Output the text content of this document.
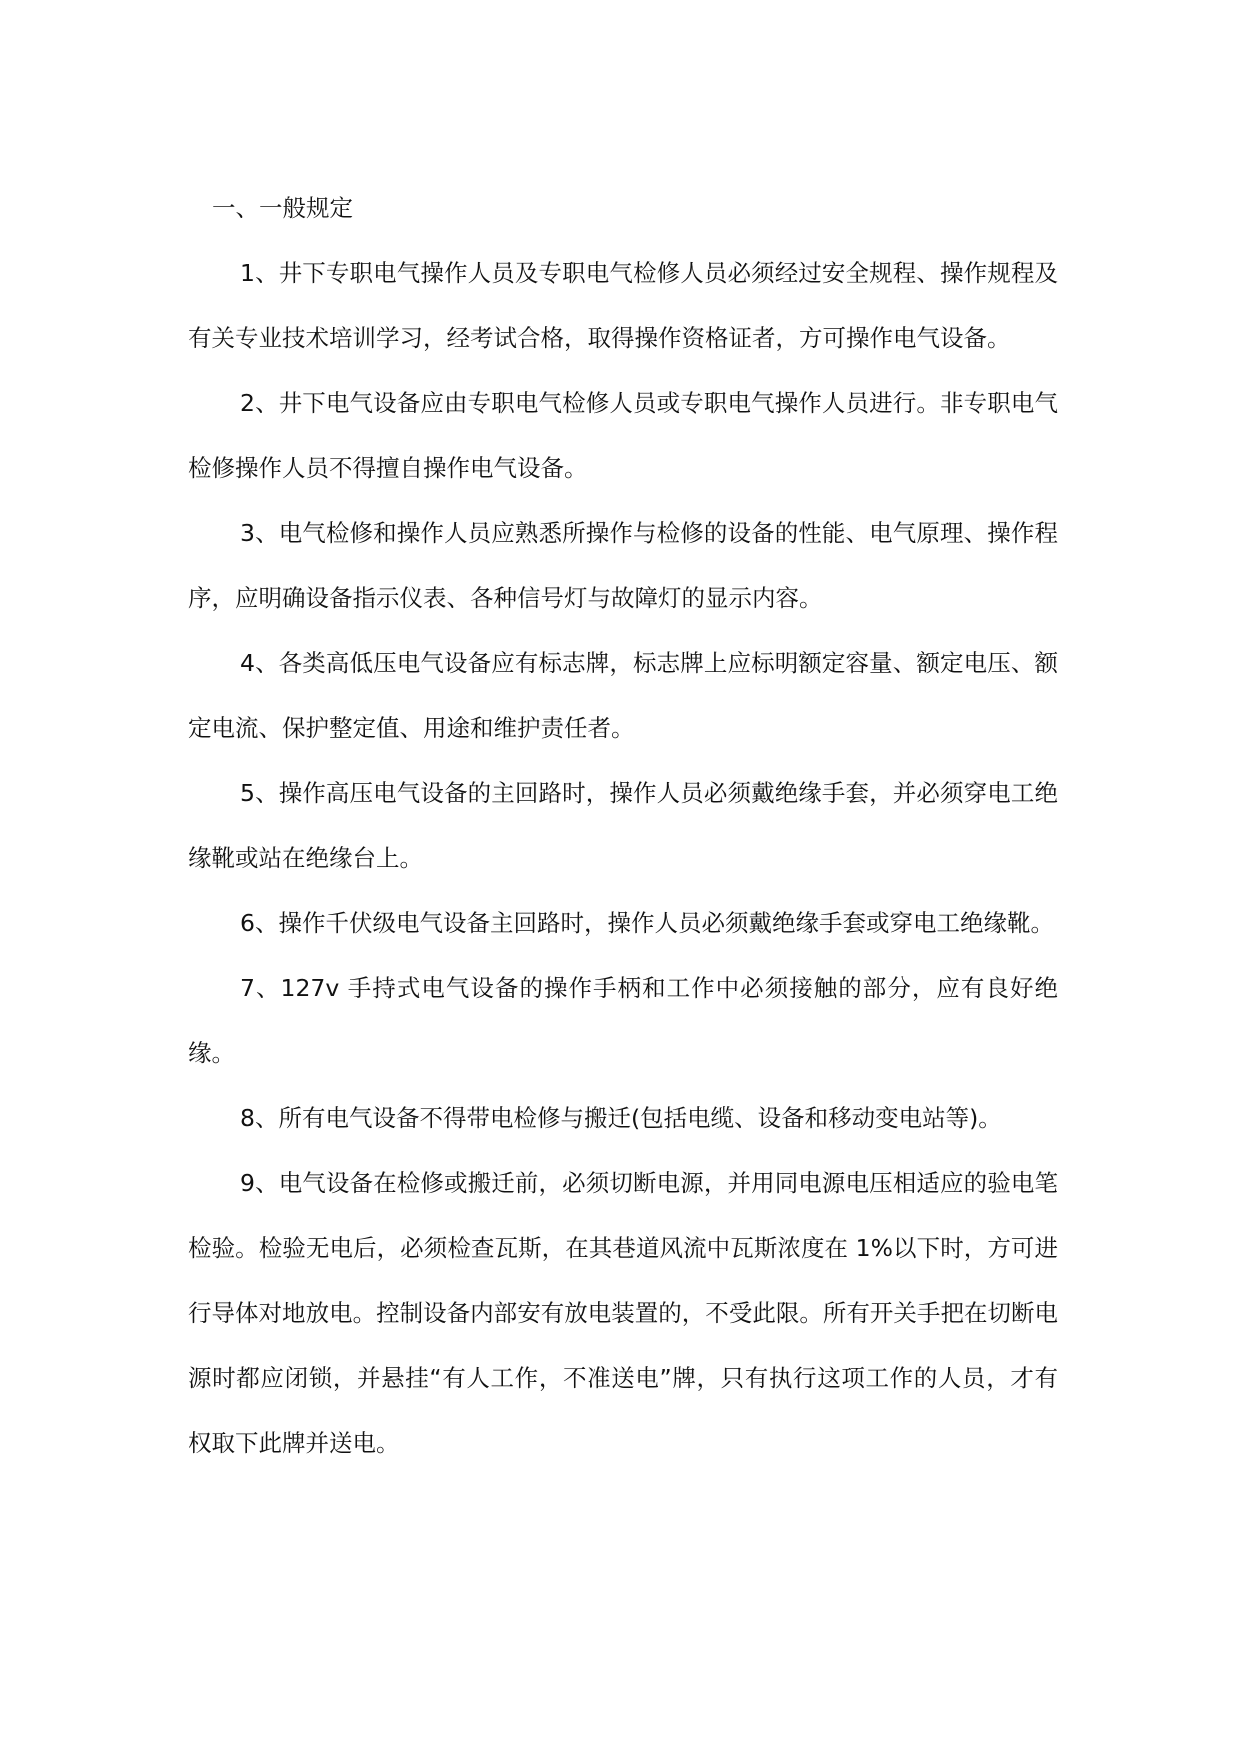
一、一般规定

1、井下专职电气操作人员及专职电气检修人员必须经过安全规程、操作规程及有关专业技术培训学习，经考试合格，取得操作资格证者，方可操作电气设备。

2、井下电气设备应由专职电气检修人员或专职电气操作人员进行。非专职电气检修操作人员不得擅自操作电气设备。

3、电气检修和操作人员应熟悉所操作与检修的设备的性能、电气原理、操作程序，应明确设备指示仪表、各种信号灯与故障灯的显示内容。

4、各类高低压电气设备应有标志牌，标志牌上应标明额定容量、额定电压、额定电流、保护整定值、用途和维护责任者。

5、操作高压电气设备的主回路时，操作人员必须戴绝缘手套，并必须穿电工绝缘靴或站在绝缘台上。

6、操作千伏级电气设备主回路时，操作人员必须戴绝缘手套或穿电工绝缘靴。

7、127v 手持式电气设备的操作手柄和工作中必须接触的部分，应有良好绝缘。

8、所有电气设备不得带电检修与搬迁(包括电缆、设备和移动变电站等)。

9、电气设备在检修或搬迁前，必须切断电源，并用同电源电压相适应的验电笔检验。检验无电后，必须检查瓦斯，在其巷道风流中瓦斯浓度在 1%以下时，方可进行导体对地放电。控制设备内部安有放电装置的，不受此限。所有开关手把在切断电源时都应闭锁，并悬挂“有人工作，不准送电”牌，只有执行这项工作的人员，才有权取下此牌并送电。
